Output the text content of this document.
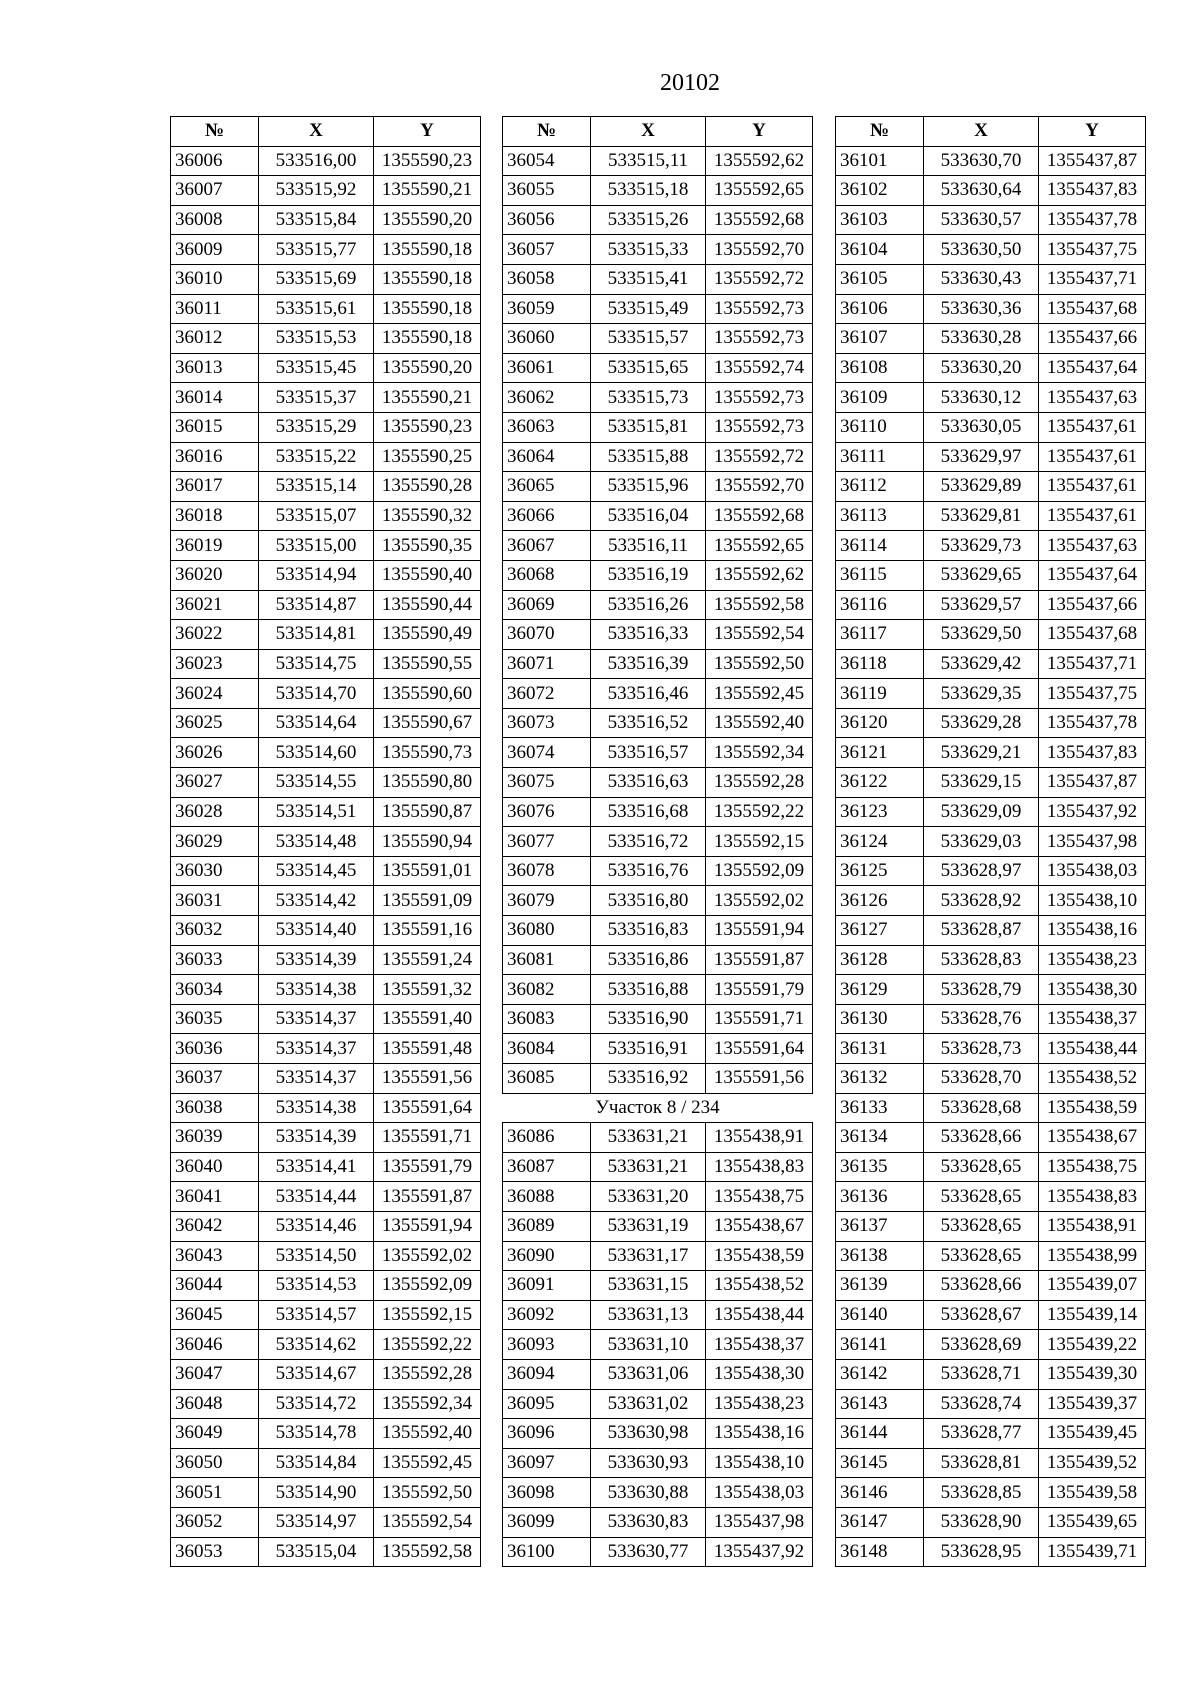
20102
№	X	Y
36006	533516,00	1355590,23
36007	533515,92	1355590,21
36008	533515,84	1355590,20
36009	533515,77	1355590,18
36010	533515,69	1355590,18
36011	533515,61	1355590,18
36012	533515,53	1355590,18
36013	533515,45	1355590,20
36014	533515,37	1355590,21
36015	533515,29	1355590,23
36016	533515,22	1355590,25
36017	533515,14	1355590,28
36018	533515,07	1355590,32
36019	533515,00	1355590,35
36020	533514,94	1355590,40
36021	533514,87	1355590,44
36022	533514,81	1355590,49
36023	533514,75	1355590,55
36024	533514,70	1355590,60
36025	533514,64	1355590,67
36026	533514,60	1355590,73
36027	533514,55	1355590,80
36028	533514,51	1355590,87
36029	533514,48	1355590,94
36030	533514,45	1355591,01
36031	533514,42	1355591,09
36032	533514,40	1355591,16
36033	533514,39	1355591,24
36034	533514,38	1355591,32
36035	533514,37	1355591,40
36036	533514,37	1355591,48
36037	533514,37	1355591,56
36038	533514,38	1355591,64
36039	533514,39	1355591,71
36040	533514,41	1355591,79
36041	533514,44	1355591,87
36042	533514,46	1355591,94
36043	533514,50	1355592,02
36044	533514,53	1355592,09
36045	533514,57	1355592,15
36046	533514,62	1355592,22
36047	533514,67	1355592,28
36048	533514,72	1355592,34
36049	533514,78	1355592,40
36050	533514,84	1355592,45
36051	533514,90	1355592,50
36052	533514,97	1355592,54
36053	533515,04	1355592,58
№	X	Y
36054	533515,11	1355592,62
36055	533515,18	1355592,65
36056	533515,26	1355592,68
36057	533515,33	1355592,70
36058	533515,41	1355592,72
36059	533515,49	1355592,73
36060	533515,57	1355592,73
36061	533515,65	1355592,74
36062	533515,73	1355592,73
36063	533515,81	1355592,73
36064	533515,88	1355592,72
36065	533515,96	1355592,70
36066	533516,04	1355592,68
36067	533516,11	1355592,65
36068	533516,19	1355592,62
36069	533516,26	1355592,58
36070	533516,33	1355592,54
36071	533516,39	1355592,50
36072	533516,46	1355592,45
36073	533516,52	1355592,40
36074	533516,57	1355592,34
36075	533516,63	1355592,28
36076	533516,68	1355592,22
36077	533516,72	1355592,15
36078	533516,76	1355592,09
36079	533516,80	1355592,02
36080	533516,83	1355591,94
36081	533516,86	1355591,87
36082	533516,88	1355591,79
36083	533516,90	1355591,71
36084	533516,91	1355591,64
36085	533516,92	1355591,56
Участок 8 / 234		
36086	533631,21	1355438,91
36087	533631,21	1355438,83
36088	533631,20	1355438,75
36089	533631,19	1355438,67
36090	533631,17	1355438,59
36091	533631,15	1355438,52
36092	533631,13	1355438,44
36093	533631,10	1355438,37
36094	533631,06	1355438,30
36095	533631,02	1355438,23
36096	533630,98	1355438,16
36097	533630,93	1355438,10
36098	533630,88	1355438,03
36099	533630,83	1355437,98
36100	533630,77	1355437,92
№	X	Y
36101	533630,70	1355437,87
36102	533630,64	1355437,83
36103	533630,57	1355437,78
36104	533630,50	1355437,75
36105	533630,43	1355437,71
36106	533630,36	1355437,68
36107	533630,28	1355437,66
36108	533630,20	1355437,64
36109	533630,12	1355437,63
36110	533630,05	1355437,61
36111	533629,97	1355437,61
36112	533629,89	1355437,61
36113	533629,81	1355437,61
36114	533629,73	1355437,63
36115	533629,65	1355437,64
36116	533629,57	1355437,66
36117	533629,50	1355437,68
36118	533629,42	1355437,71
36119	533629,35	1355437,75
36120	533629,28	1355437,78
36121	533629,21	1355437,83
36122	533629,15	1355437,87
36123	533629,09	1355437,92
36124	533629,03	1355437,98
36125	533628,97	1355438,03
36126	533628,92	1355438,10
36127	533628,87	1355438,16
36128	533628,83	1355438,23
36129	533628,79	1355438,30
36130	533628,76	1355438,37
36131	533628,73	1355438,44
36132	533628,70	1355438,52
36133	533628,68	1355438,59
36134	533628,66	1355438,67
36135	533628,65	1355438,75
36136	533628,65	1355438,83
36137	533628,65	1355438,91
36138	533628,65	1355438,99
36139	533628,66	1355439,07
36140	533628,67	1355439,14
36141	533628,69	1355439,22
36142	533628,71	1355439,30
36143	533628,74	1355439,37
36144	533628,77	1355439,45
36145	533628,81	1355439,52
36146	533628,85	1355439,58
36147	533628,90	1355439,65
36148	533628,95	1355439,71
